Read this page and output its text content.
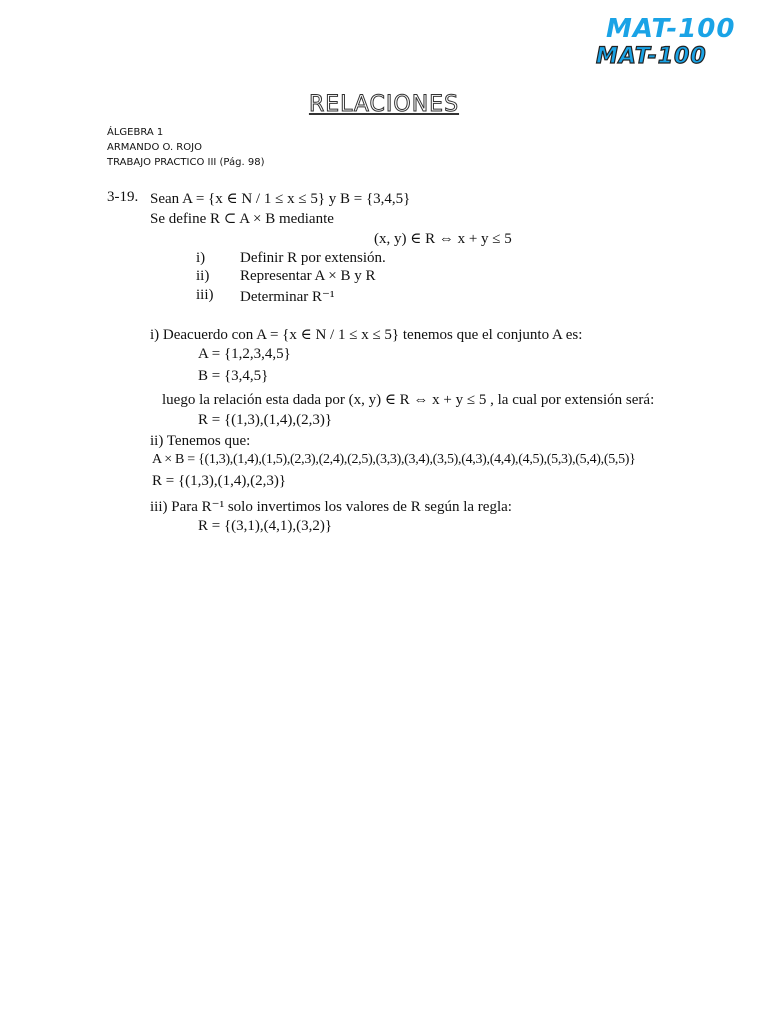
MAT-100
MAT-100
RELACIONES
ÁLGEBRA 1
ARMANDO O. ROJO
TRABAJO PRACTICO III (Pág. 98)
3-19. Sean A = {x ∈ N / 1 ≤ x ≤ 5} y B = {3,4,5}
Se define R ⊂ A × B mediante
(x, y) ∈ R ⇔ x + y ≤ 5
i) Definir R por extensión.
ii) Representar A × B y R
iii) Determinar R⁻¹
i) Deacuerdo con A = {x ∈ N / 1 ≤ x ≤ 5} tenemos que el conjunto A es:
A = {1,2,3,4,5}
B = {3,4,5}
luego la relación esta dada por (x, y) ∈ R ⇔ x + y ≤ 5 , la cual por extensión será:
R = {(1,3),(1,4),(2,3)}
ii) Tenemos que:
A × B = {(1,3),(1,4),(1,5),(2,3),(2,4),(2,5),(3,3),(3,4),(3,5),(4,3),(4,4),(4,5),(5,3),(5,4),(5,5)}
R = {(1,3),(1,4),(2,3)}
iii) Para R⁻¹ solo invertimos los valores de R según la regla:
R = {(3,1),(4,1),(3,2)}
